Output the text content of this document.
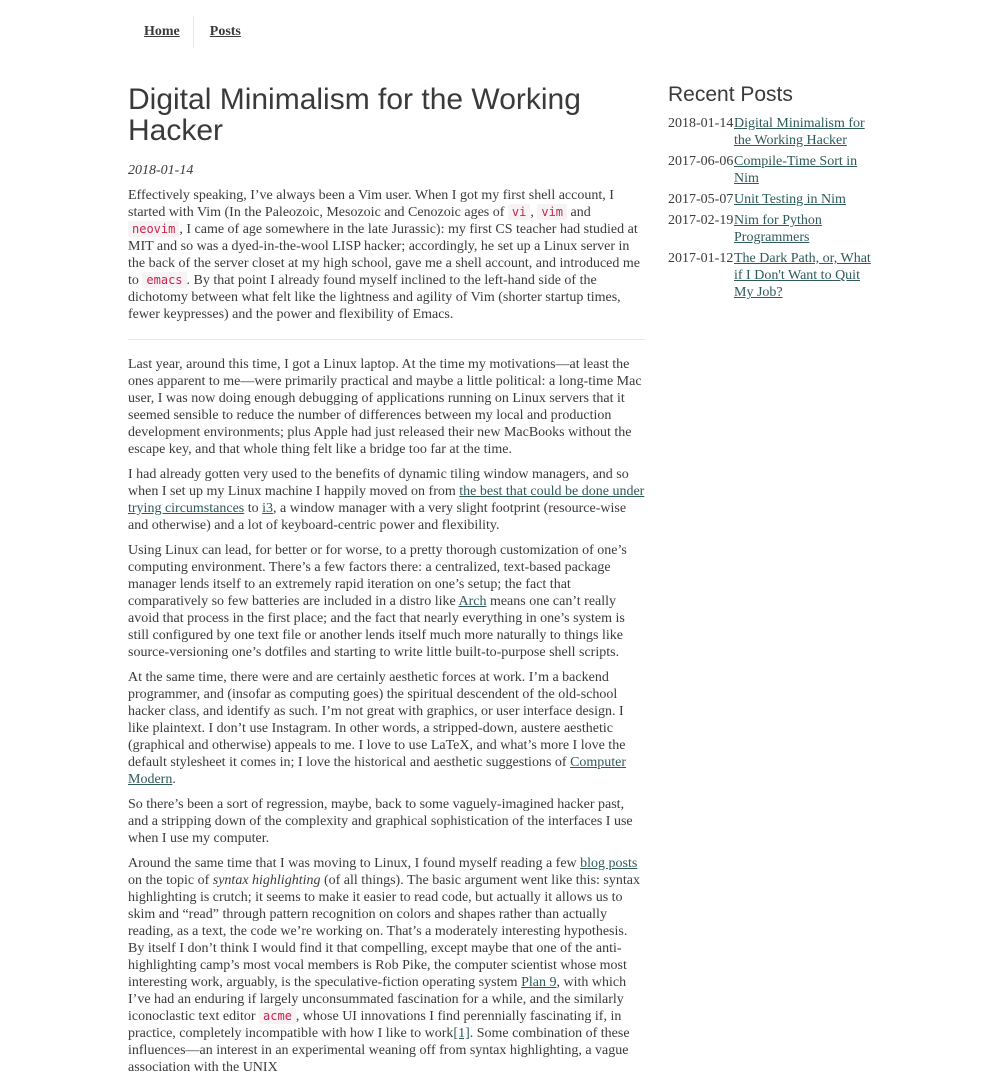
Home	Posts
Digital Minimalism for the Working Hacker

2018-01-14

Effectively speaking, I’ve always been a Vim user. When I got my first shell account, I started with Vim (In the Paleozoic, Mesozoic and Cenozoic ages of vi , vim and neovim , I came of age somewhere in the late Jurassic): my first CS teacher had studied at MIT and so was a dyed-in-the-wool LISP hacker; accordingly, he set up a Linux server in the back of the server closet at my high school, gave me a shell account, and introduced me to emacs . By that point I already found myself inclined to the left-hand side of the dichotomy between what felt like the lightness and agility of Vim (shorter startup times, fewer keypresses) and the power and flexibility of Emacs.

Last year, around this time, I got a Linux laptop. At the time my motivations—at least the ones apparent to me—were primarily practical and maybe a little political: a long-time Mac user, I was now doing enough debugging of applications running on Linux servers that it seemed sensible to reduce the number of differences between my local and production development environments; plus Apple had just released their new MacBooks without the escape key, and that whole thing felt like a bridge too far at the time.

I had already gotten very used to the benefits of dynamic tiling window managers, and so when I set up my Linux machine I happily moved on from the best that could be done under trying circumstances to i3, a window manager with a very slight footprint (resource-wise and otherwise) and a lot of keyboard-centric power and flexibility.

Using Linux can lead, for better or for worse, to a pretty thorough customization of one’s computing environment. There’s a few factors there: a centralized, text-based package manager lends itself to an extremely rapid iteration on one’s setup; the fact that comparatively so few batteries are included in a distro like Arch means one can’t really avoid that process in the first place; and the fact that nearly everything in one’s system is still configured by one text file or another lends itself much more naturally to things like source-versioning one’s dotfiles and starting to write little built-to-purpose shell scripts.

At the same time, there were and are certainly aesthetic forces at work. I’m a backend programmer, and (insofar as computing goes) the spiritual descendent of the old-school hacker class, and identify as such. I’m not great with graphics, or user interface design. I like plaintext. I don’t use Instagram. In other words, a stripped-down, austere aesthetic (graphical and otherwise) appeals to me. I love to use LaTeX, and what’s more I love the default stylesheet it comes in; I love the historical and aesthetic suggestions of Computer Modern.

So there’s been a sort of regression, maybe, back to some vaguely-imagined hacker past, and a stripping down of the complexity and graphical sophistication of the interfaces I use when I use my computer.

Around the same time that I was moving to Linux, I found myself reading a few blog posts on the topic of syntax highlighting (of all things). The basic argument went like this: syntax highlighting is crutch; it seems to make it easier to read code, but actually it allows us to skim and “read” through pattern recognition on colors and shapes rather than actually reading, as a text, the code we’re working on. That’s a moderately interesting hypothesis. By itself I don’t think I would find it that compelling, except maybe that one of the anti-highlighting camp’s most vocal members is Rob Pike, the computer scientist whose most interesting work, arguably, is the speculative-fiction operating system Plan 9, with which I’ve had an enduring if largely unconsummated fascination for a while, and the similarly iconoclastic text editor acme , whose UI innovations I find perennially fascinating if, in practice, completely incompatible with how I like to work[1]. Some combination of these influences—an interest in an experimental weaning off from syntax highlighting, a vague association with the UNIX

Recent Posts
2018-01-14 Digital Minimalism for the Working Hacker
2017-06-06 Compile-Time Sort in Nim
2017-05-07 Unit Testing in Nim
2017-02-19 Nim for Python Programmers
2017-01-12 The Dark Path, or, What if I Don't Want to Quit My Job?
